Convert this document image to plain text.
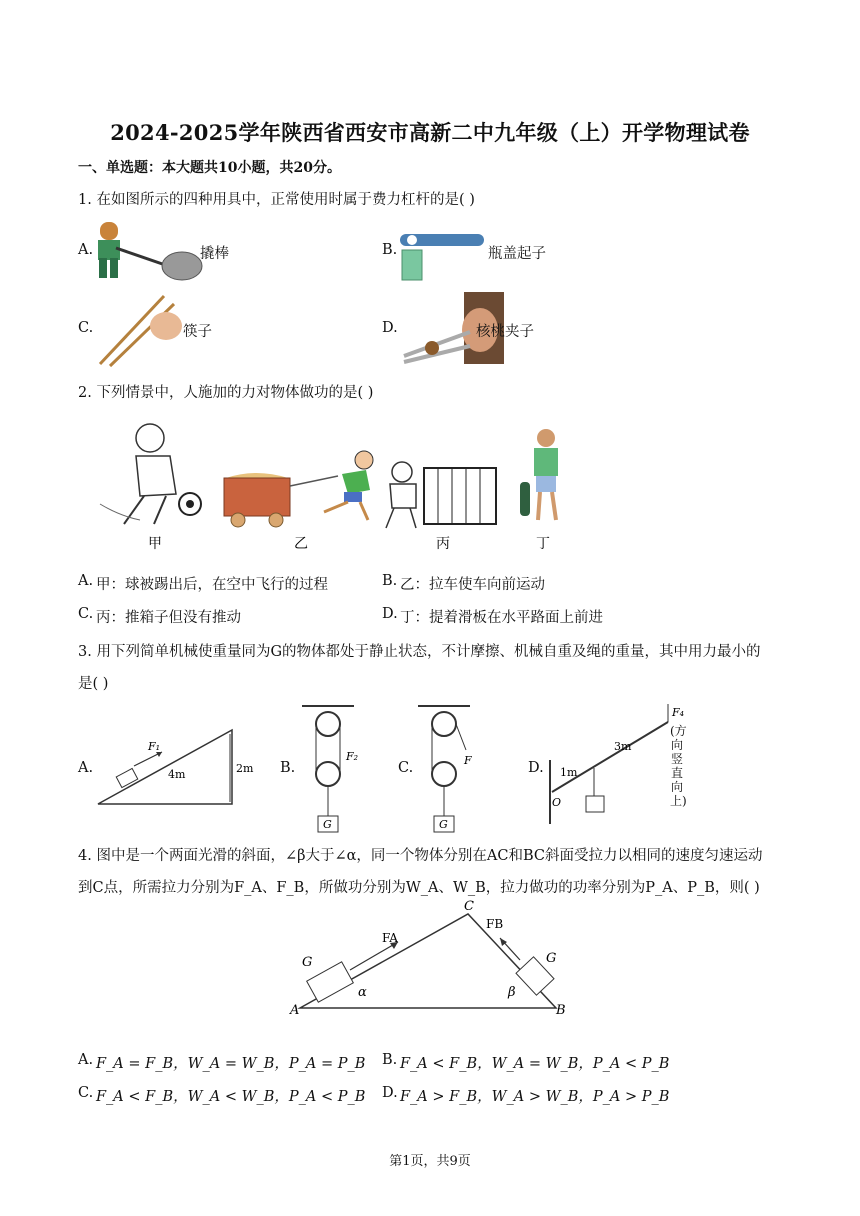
2024-2025学年陕西省西安市高新二中九年级（上）开学物理试卷
一、单选题：本大题共10小题，共20分。
1. 在如图所示的四种用具中，正常使用时属于费力杠杆的是( )
A.	撬棒	B.	瓶盖起子
C.	筷子	D.	核桃夹子
2. 下列情景中，人施加的力对物体做功的是( )
甲	乙	丙	丁
A. 甲：球被踢出后，在空中飞行的过程	B. 乙：拉车使车向前运动
C. 丙：推箱子但没有推动	D. 丁：提着滑板在水平路面上前进
3. 用下列简单机械使重量同为G的物体都处于静止状态，不计摩擦、机械自重及绳的重量，其中用力最小的
是( )
A.
F₁
4m	2m B.
G
F₂
C.
G
F	D.
O
1m
3m
F₄
(方向竖直向上)
4. 图中是一个两面光滑的斜面，∠β大于∠α，同一个物体分别在AC和BC斜面受拉力以相同的速度匀速运动
到C点，所需拉力分别为F_A、F_B，所做功分别为W_A、W_B，拉力做功的功率分别为P_A、P_B，则( )
A	B
C
α	β
FA
FB
G	G
A. F_A = F_B，W_A = W_B，P_A = P_B B. F_A < F_B，W_A = W_B，P_A < P_B
C. F_A < F_B，W_A < W_B，P_A < P_B D. F_A > F_B，W_A > W_B，P_A > P_B
第1页，共9页
